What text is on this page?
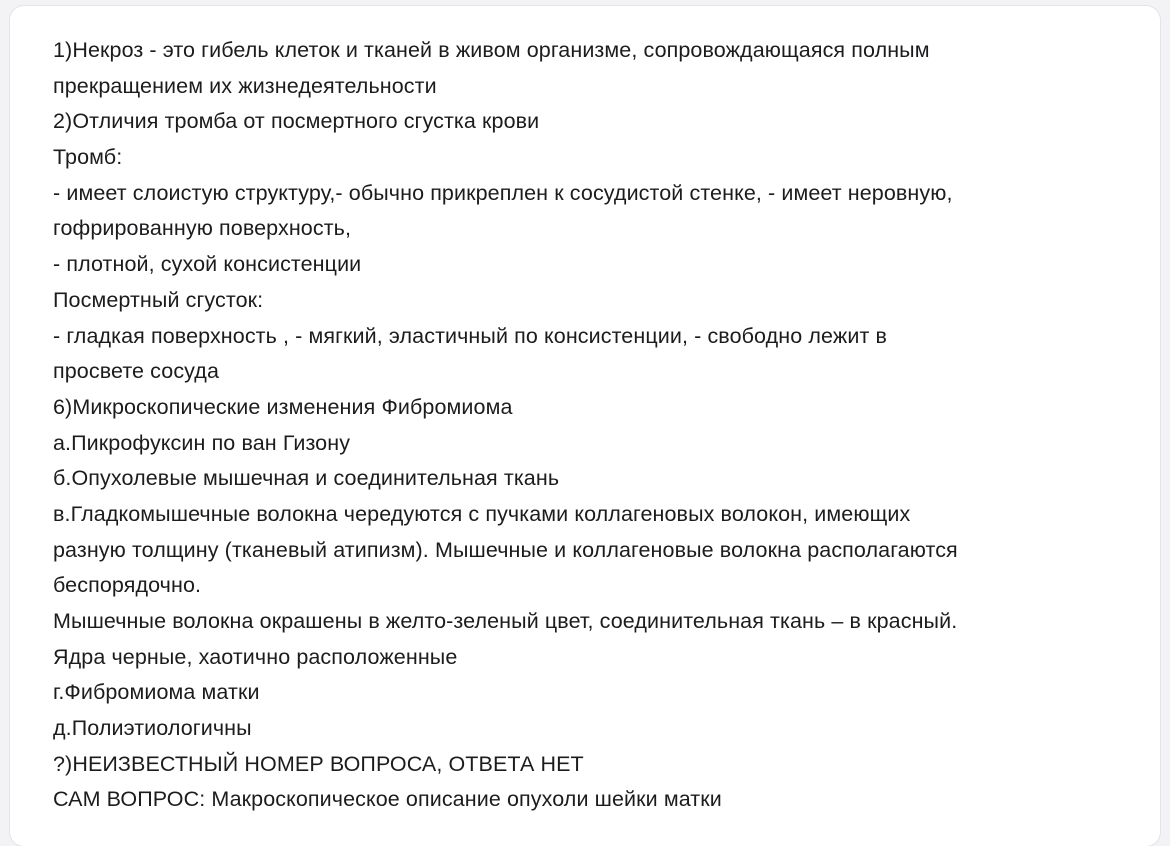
1)Некроз - это гибель клеток и тканей в живом организме, сопровождающаяся полным
прекращением их жизнедеятельности
2)Отличия тромба от посмертного сгустка крови
Тромб:
- имеет слоистую структуру,- обычно прикреплен к сосудистой стенке, - имеет неровную,
гофрированную поверхность,
- плотной, сухой консистенции
Посмертный сгусток:
- гладкая поверхность , - мягкий, эластичный по консистенции, - свободно лежит в
просвете сосуда
6)Микроскопические изменения Фибромиома
а.Пикрофуксин по ван Гизону
б.Опухолевые мышечная и соединительная ткань
в.Гладкомышечные волокна чередуются с пучками коллагеновых волокон, имеющих
разную толщину (тканевый атипизм). Мышечные и коллагеновые волокна располагаются
беспорядочно.
Мышечные волокна окрашены в желто-зеленый цвет, соединительная ткань – в красный.
Ядра черные, хаотично расположенные
г.Фибромиома матки
д.Полиэтиологичны
?)НЕИЗВЕСТНЫЙ НОМЕР ВОПРОСА, ОТВЕТА НЕТ
САМ ВОПРОС: Макроскопическое описание опухоли шейки матки
